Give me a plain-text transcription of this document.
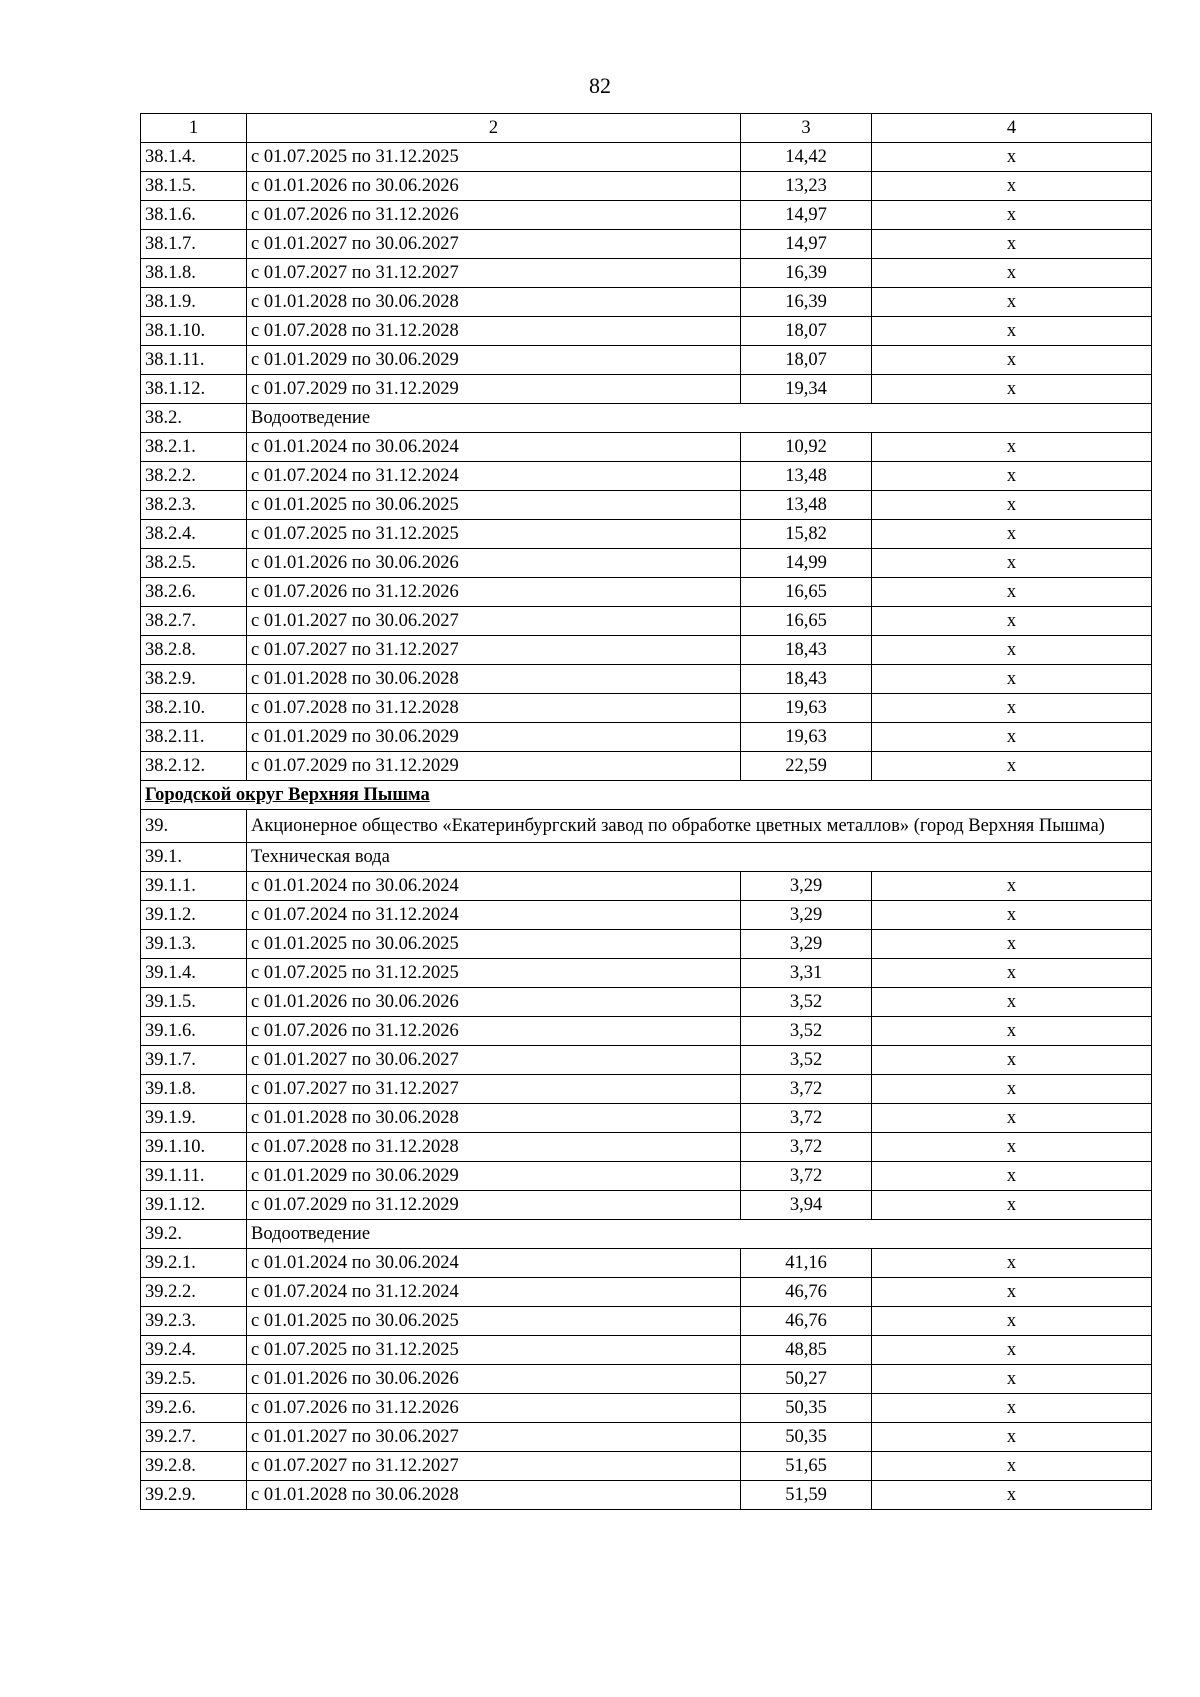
82
1	2	3	4
38.1.4.	с 01.07.2025 по 31.12.2025	14,42	x
38.1.5.	с 01.01.2026 по 30.06.2026	13,23	x
38.1.6.	с 01.07.2026 по 31.12.2026	14,97	x
38.1.7.	с 01.01.2027 по 30.06.2027	14,97	x
38.1.8.	с 01.07.2027 по 31.12.2027	16,39	x
38.1.9.	с 01.01.2028 по 30.06.2028	16,39	x
38.1.10.	с 01.07.2028 по 31.12.2028	18,07	x
38.1.11.	с 01.01.2029 по 30.06.2029	18,07	x
38.1.12.	с 01.07.2029 по 31.12.2029	19,34	x
38.2.	Водоотведение		
38.2.1.	с 01.01.2024 по 30.06.2024	10,92	x
38.2.2.	с 01.07.2024 по 31.12.2024	13,48	x
38.2.3.	с 01.01.2025 по 30.06.2025	13,48	x
38.2.4.	с 01.07.2025 по 31.12.2025	15,82	x
38.2.5.	с 01.01.2026 по 30.06.2026	14,99	x
38.2.6.	с 01.07.2026 по 31.12.2026	16,65	x
38.2.7.	с 01.01.2027 по 30.06.2027	16,65	x
38.2.8.	с 01.07.2027 по 31.12.2027	18,43	x
38.2.9.	с 01.01.2028 по 30.06.2028	18,43	x
38.2.10.	с 01.07.2028 по 31.12.2028	19,63	x
38.2.11.	с 01.01.2029 по 30.06.2029	19,63	x
38.2.12.	с 01.07.2029 по 31.12.2029	22,59	x
Городской округ Верхняя Пышма			
39.	Акционерное общество «Екатеринбургский завод по обработке цветных металлов» (город Верхняя Пышма)		
39.1.	Техническая вода		
39.1.1.	с 01.01.2024 по 30.06.2024	3,29	x
39.1.2.	с 01.07.2024 по 31.12.2024	3,29	x
39.1.3.	с 01.01.2025 по 30.06.2025	3,29	x
39.1.4.	с 01.07.2025 по 31.12.2025	3,31	x
39.1.5.	с 01.01.2026 по 30.06.2026	3,52	x
39.1.6.	с 01.07.2026 по 31.12.2026	3,52	x
39.1.7.	с 01.01.2027 по 30.06.2027	3,52	x
39.1.8.	с 01.07.2027 по 31.12.2027	3,72	x
39.1.9.	с 01.01.2028 по 30.06.2028	3,72	x
39.1.10.	с 01.07.2028 по 31.12.2028	3,72	x
39.1.11.	с 01.01.2029 по 30.06.2029	3,72	x
39.1.12.	с 01.07.2029 по 31.12.2029	3,94	x
39.2.	Водоотведение		
39.2.1.	с 01.01.2024 по 30.06.2024	41,16	x
39.2.2.	с 01.07.2024 по 31.12.2024	46,76	x
39.2.3.	с 01.01.2025 по 30.06.2025	46,76	x
39.2.4.	с 01.07.2025 по 31.12.2025	48,85	x
39.2.5.	с 01.01.2026 по 30.06.2026	50,27	x
39.2.6.	с 01.07.2026 по 31.12.2026	50,35	x
39.2.7.	с 01.01.2027 по 30.06.2027	50,35	x
39.2.8.	с 01.07.2027 по 31.12.2027	51,65	x
39.2.9.	с 01.01.2028 по 30.06.2028	51,59	x
